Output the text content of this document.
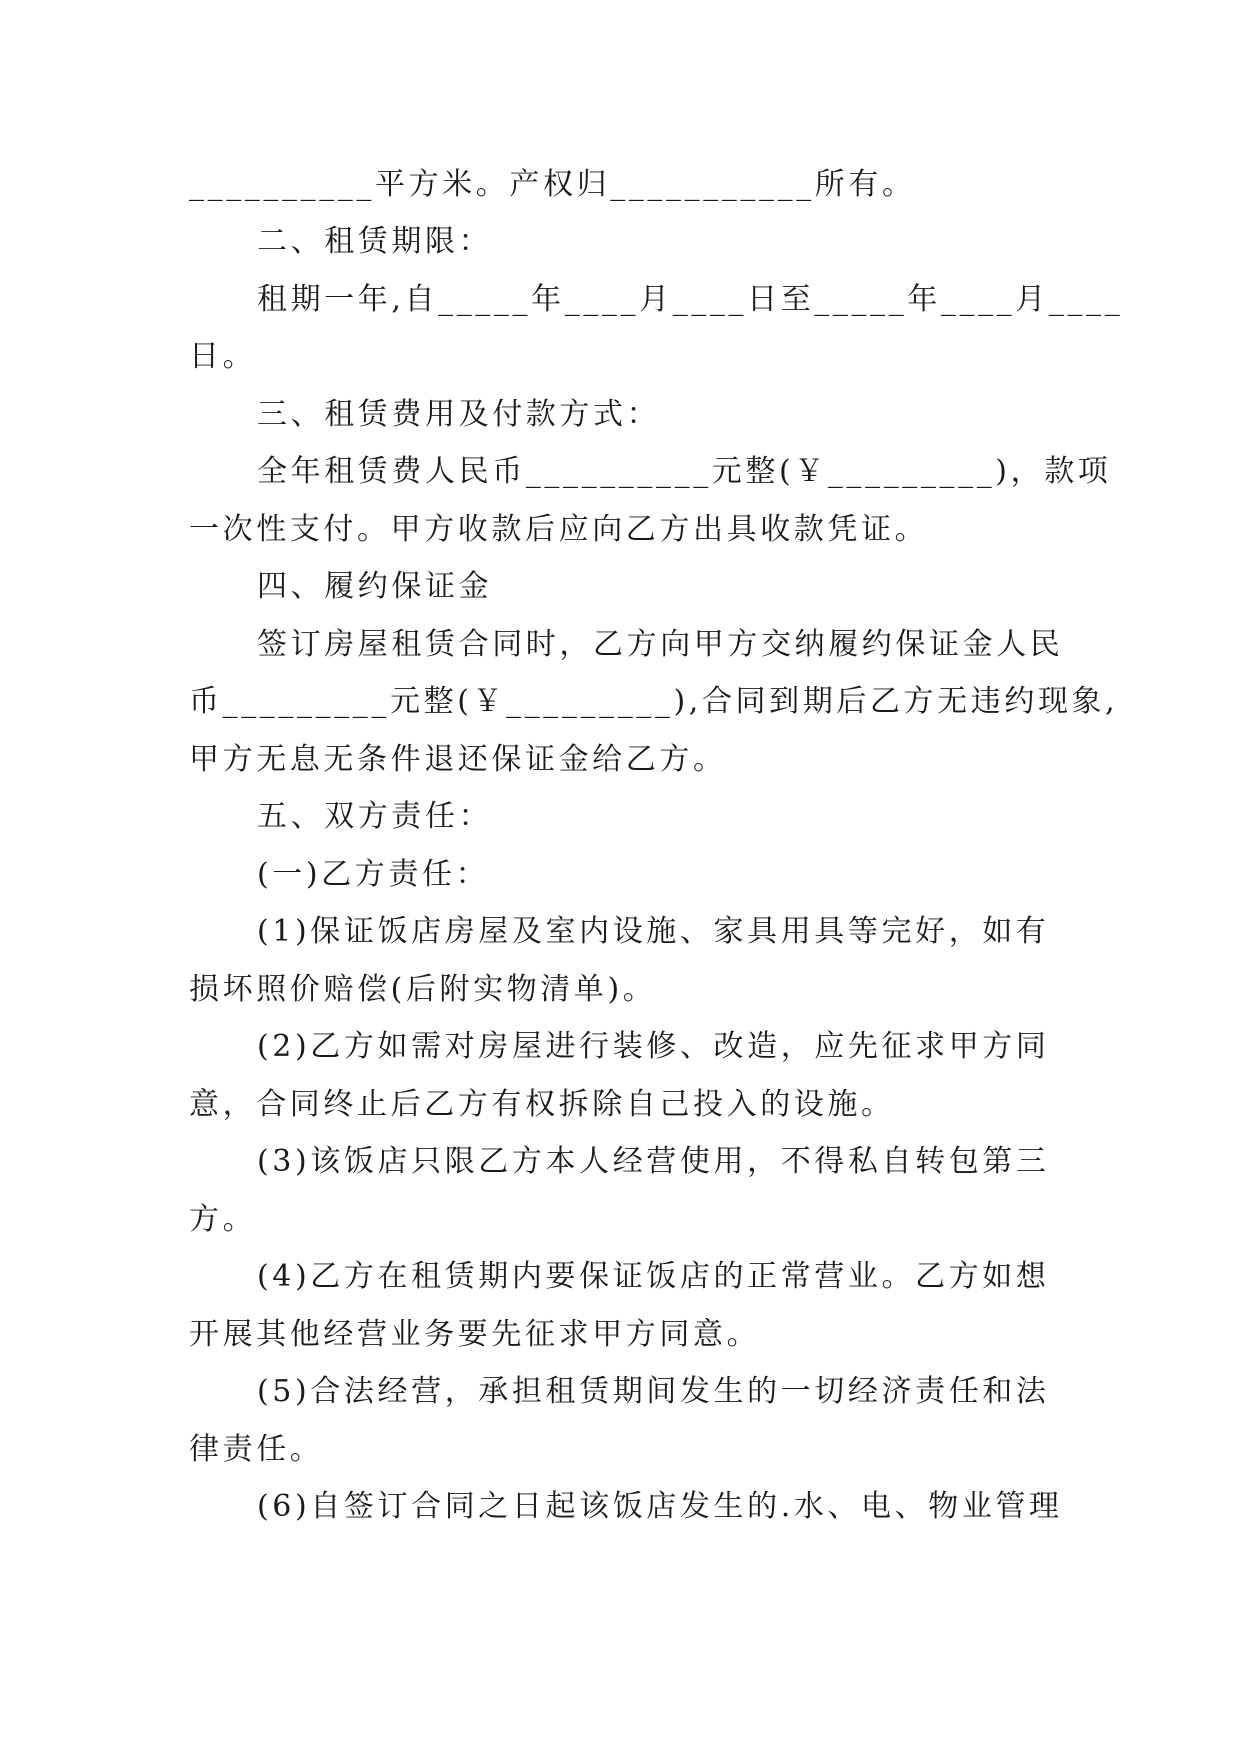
__________平方米。产权归___________所有。
二、租赁期限：
租期一年,自_____年____月____日至_____年____月____
日。
三、租赁费用及付款方式：
全年租赁费人民币__________元整(￥_________)，款项
一次性支付。甲方收款后应向乙方出具收款凭证。
四、履约保证金
签订房屋租赁合同时，乙方向甲方交纳履约保证金人民
币_________元整(￥_________),合同到期后乙方无违约现象,
甲方无息无条件退还保证金给乙方。
五、双方责任：
(一)乙方责任：
(1)保证饭店房屋及室内设施、家具用具等完好，如有
损坏照价赔偿(后附实物清单)。
(2)乙方如需对房屋进行装修、改造，应先征求甲方同
意，合同终止后乙方有权拆除自己投入的设施。
(3)该饭店只限乙方本人经营使用，不得私自转包第三
方。
(4)乙方在租赁期内要保证饭店的正常营业。乙方如想
开展其他经营业务要先征求甲方同意。
(5)合法经营，承担租赁期间发生的一切经济责任和法
律责任。
(6)自签订合同之日起该饭店发生的.水、电、物业管理
